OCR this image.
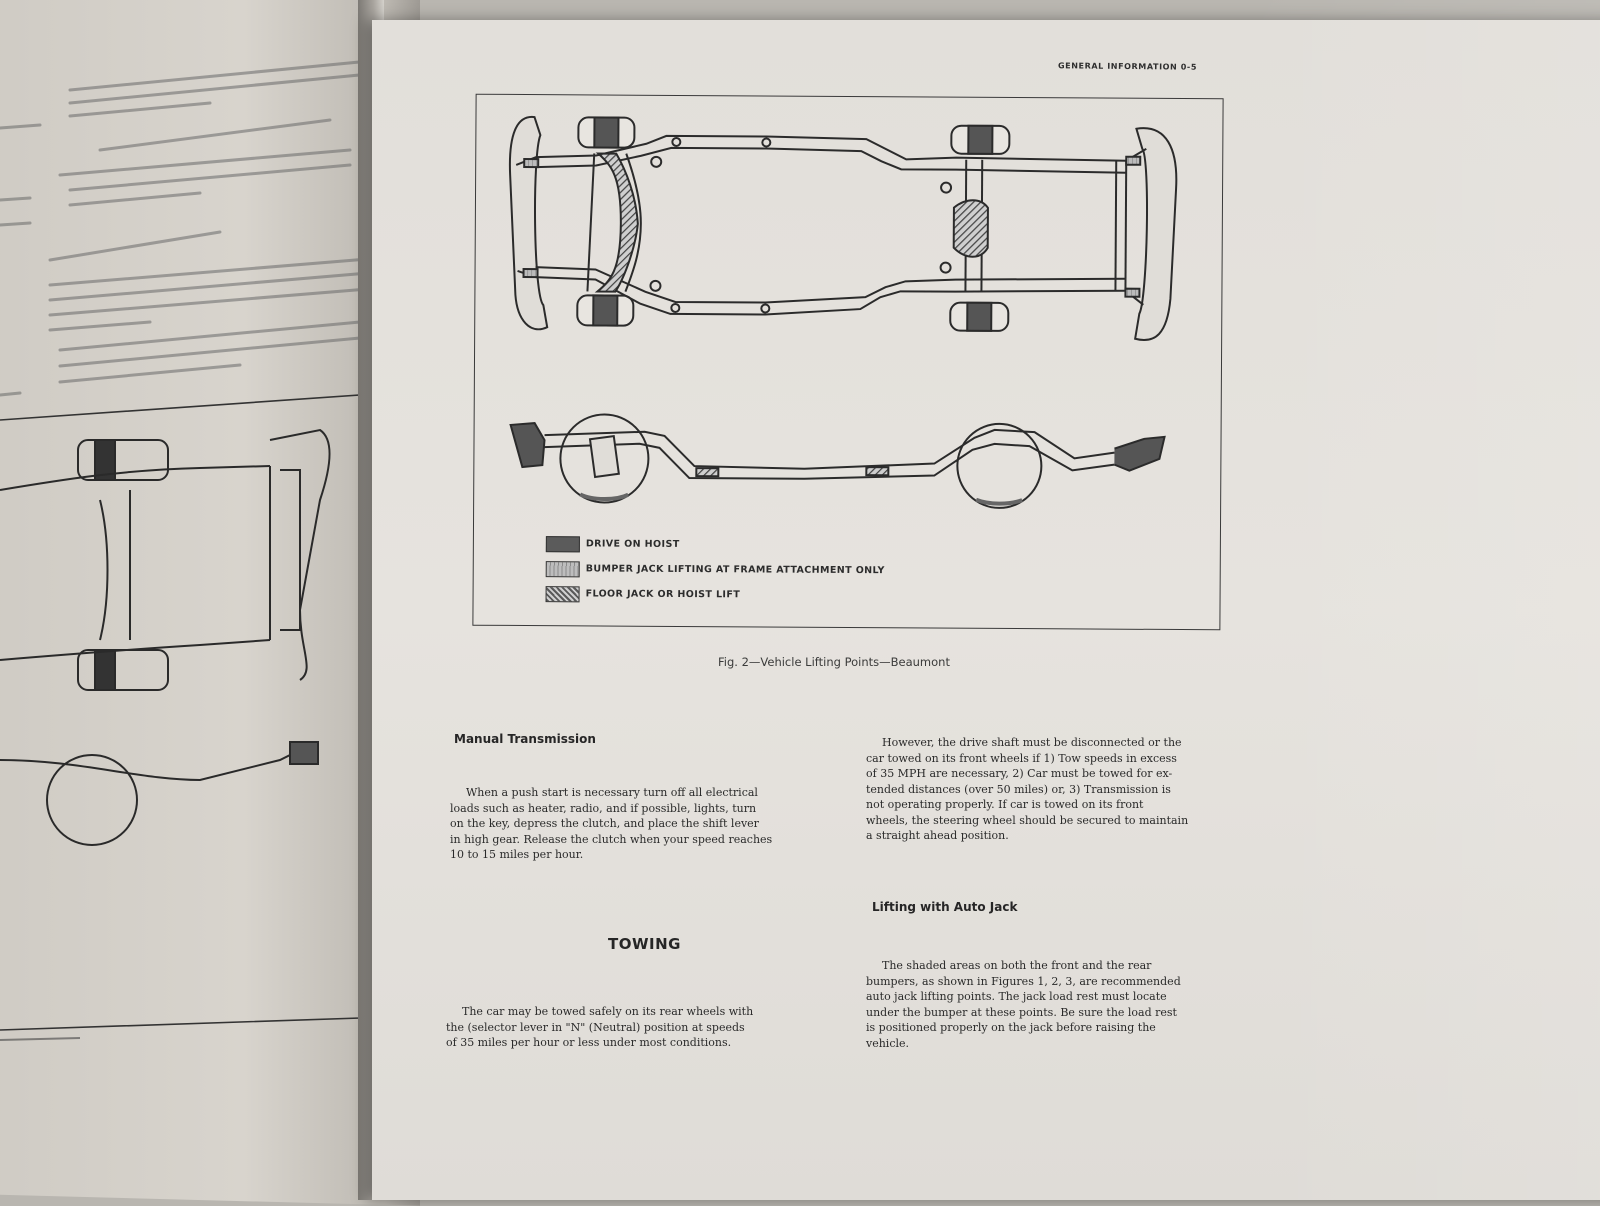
GENERAL INFORMATION 0-5
DRIVE ON HOIST
BUMPER JACK LIFTING AT FRAME ATTACHMENT ONLY
FLOOR JACK OR HOIST LIFT
Fig. 2—Vehicle Lifting Points—Beaumont
Manual Transmission
When a push start is necessary turn off all electrical
loads such as heater, radio, and if possible, lights, turn
on the key, depress the clutch, and place the shift lever
in high gear. Release the clutch when your speed reaches
10 to 15 miles per hour.
TOWING
The car may be towed safely on its rear wheels with
the (selector lever in "N" (Neutral) position at speeds
of 35 miles per hour or less under most conditions.
However, the drive shaft must be disconnected or the
car towed on its front wheels if 1) Tow speeds in excess
of 35 MPH are necessary, 2) Car must be towed for ex-
tended distances (over 50 miles) or, 3) Transmission is
not operating properly. If car is towed on its front
wheels, the steering wheel should be secured to maintain
a straight ahead position.
Lifting with Auto Jack
The shaded areas on both the front and the rear
bumpers, as shown in Figures 1, 2, 3, are recommended
auto jack lifting points. The jack load rest must locate
under the bumper at these points. Be sure the load rest
is positioned properly on the jack before raising the
vehicle.
